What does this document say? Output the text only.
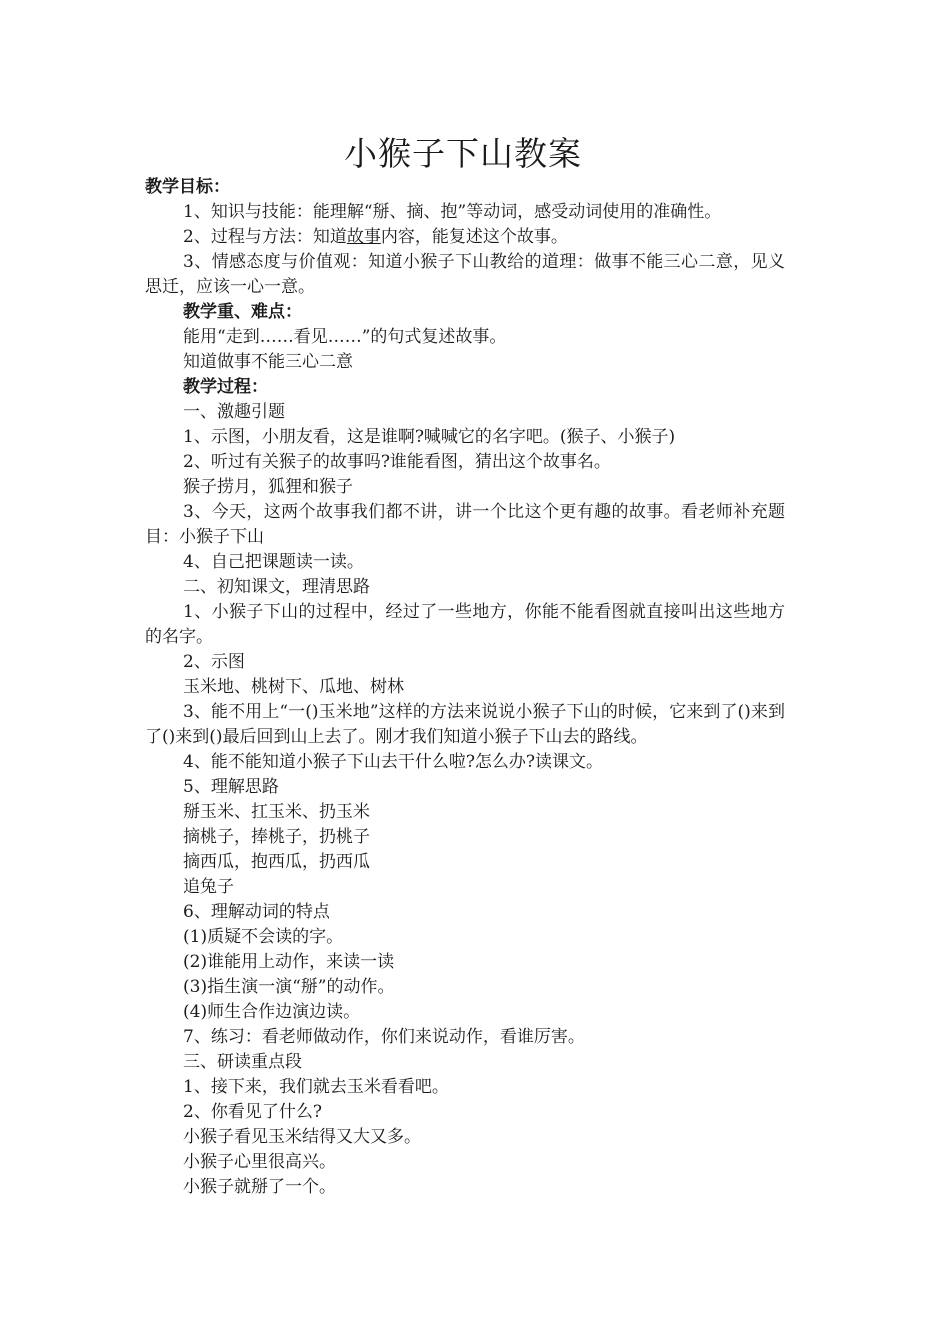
小猴子下山教案

教学目标：

1、知识与技能：能理解“掰、摘、抱”等动词，感受动词使用的准确性。

2、过程与方法：知道故事内容，能复述这个故事。

3、情感态度与价值观：知道小猴子下山教给的道理：做事不能三心二意，见义思迁，应该一心一意。

教学重、难点：

能用“走到……看见……”的句式复述故事。

知道做事不能三心二意

教学过程：

一、激趣引题

1、示图，小朋友看，这是谁啊?喊喊它的名字吧。(猴子、小猴子)

2、听过有关猴子的故事吗?谁能看图，猜出这个故事名。

猴子捞月，狐狸和猴子

3、今天，这两个故事我们都不讲，讲一个比这个更有趣的故事。看老师补充题目：小猴子下山

4、自己把课题读一读。

二、初知课文，理清思路

1、小猴子下山的过程中，经过了一些地方，你能不能看图就直接叫出这些地方的名字。

2、示图

玉米地、桃树下、瓜地、树林

3、能不用上“一()玉米地”这样的方法来说说小猴子下山的时候，它来到了()来到了()来到()最后回到山上去了。刚才我们知道小猴子下山去的路线。

4、能不能知道小猴子下山去干什么啦?怎么办?读课文。

5、理解思路

掰玉米、扛玉米、扔玉米

摘桃子，捧桃子，扔桃子

摘西瓜，抱西瓜，扔西瓜

追兔子

6、理解动词的特点

(1)质疑不会读的字。

(2)谁能用上动作，来读一读

(3)指生演一演“掰”的动作。

(4)师生合作边演边读。

7、练习：看老师做动作，你们来说动作，看谁厉害。

三、研读重点段

1、接下来，我们就去玉米看看吧。

2、你看见了什么?

小猴子看见玉米结得又大又多。

小猴子心里很高兴。

小猴子就掰了一个。
